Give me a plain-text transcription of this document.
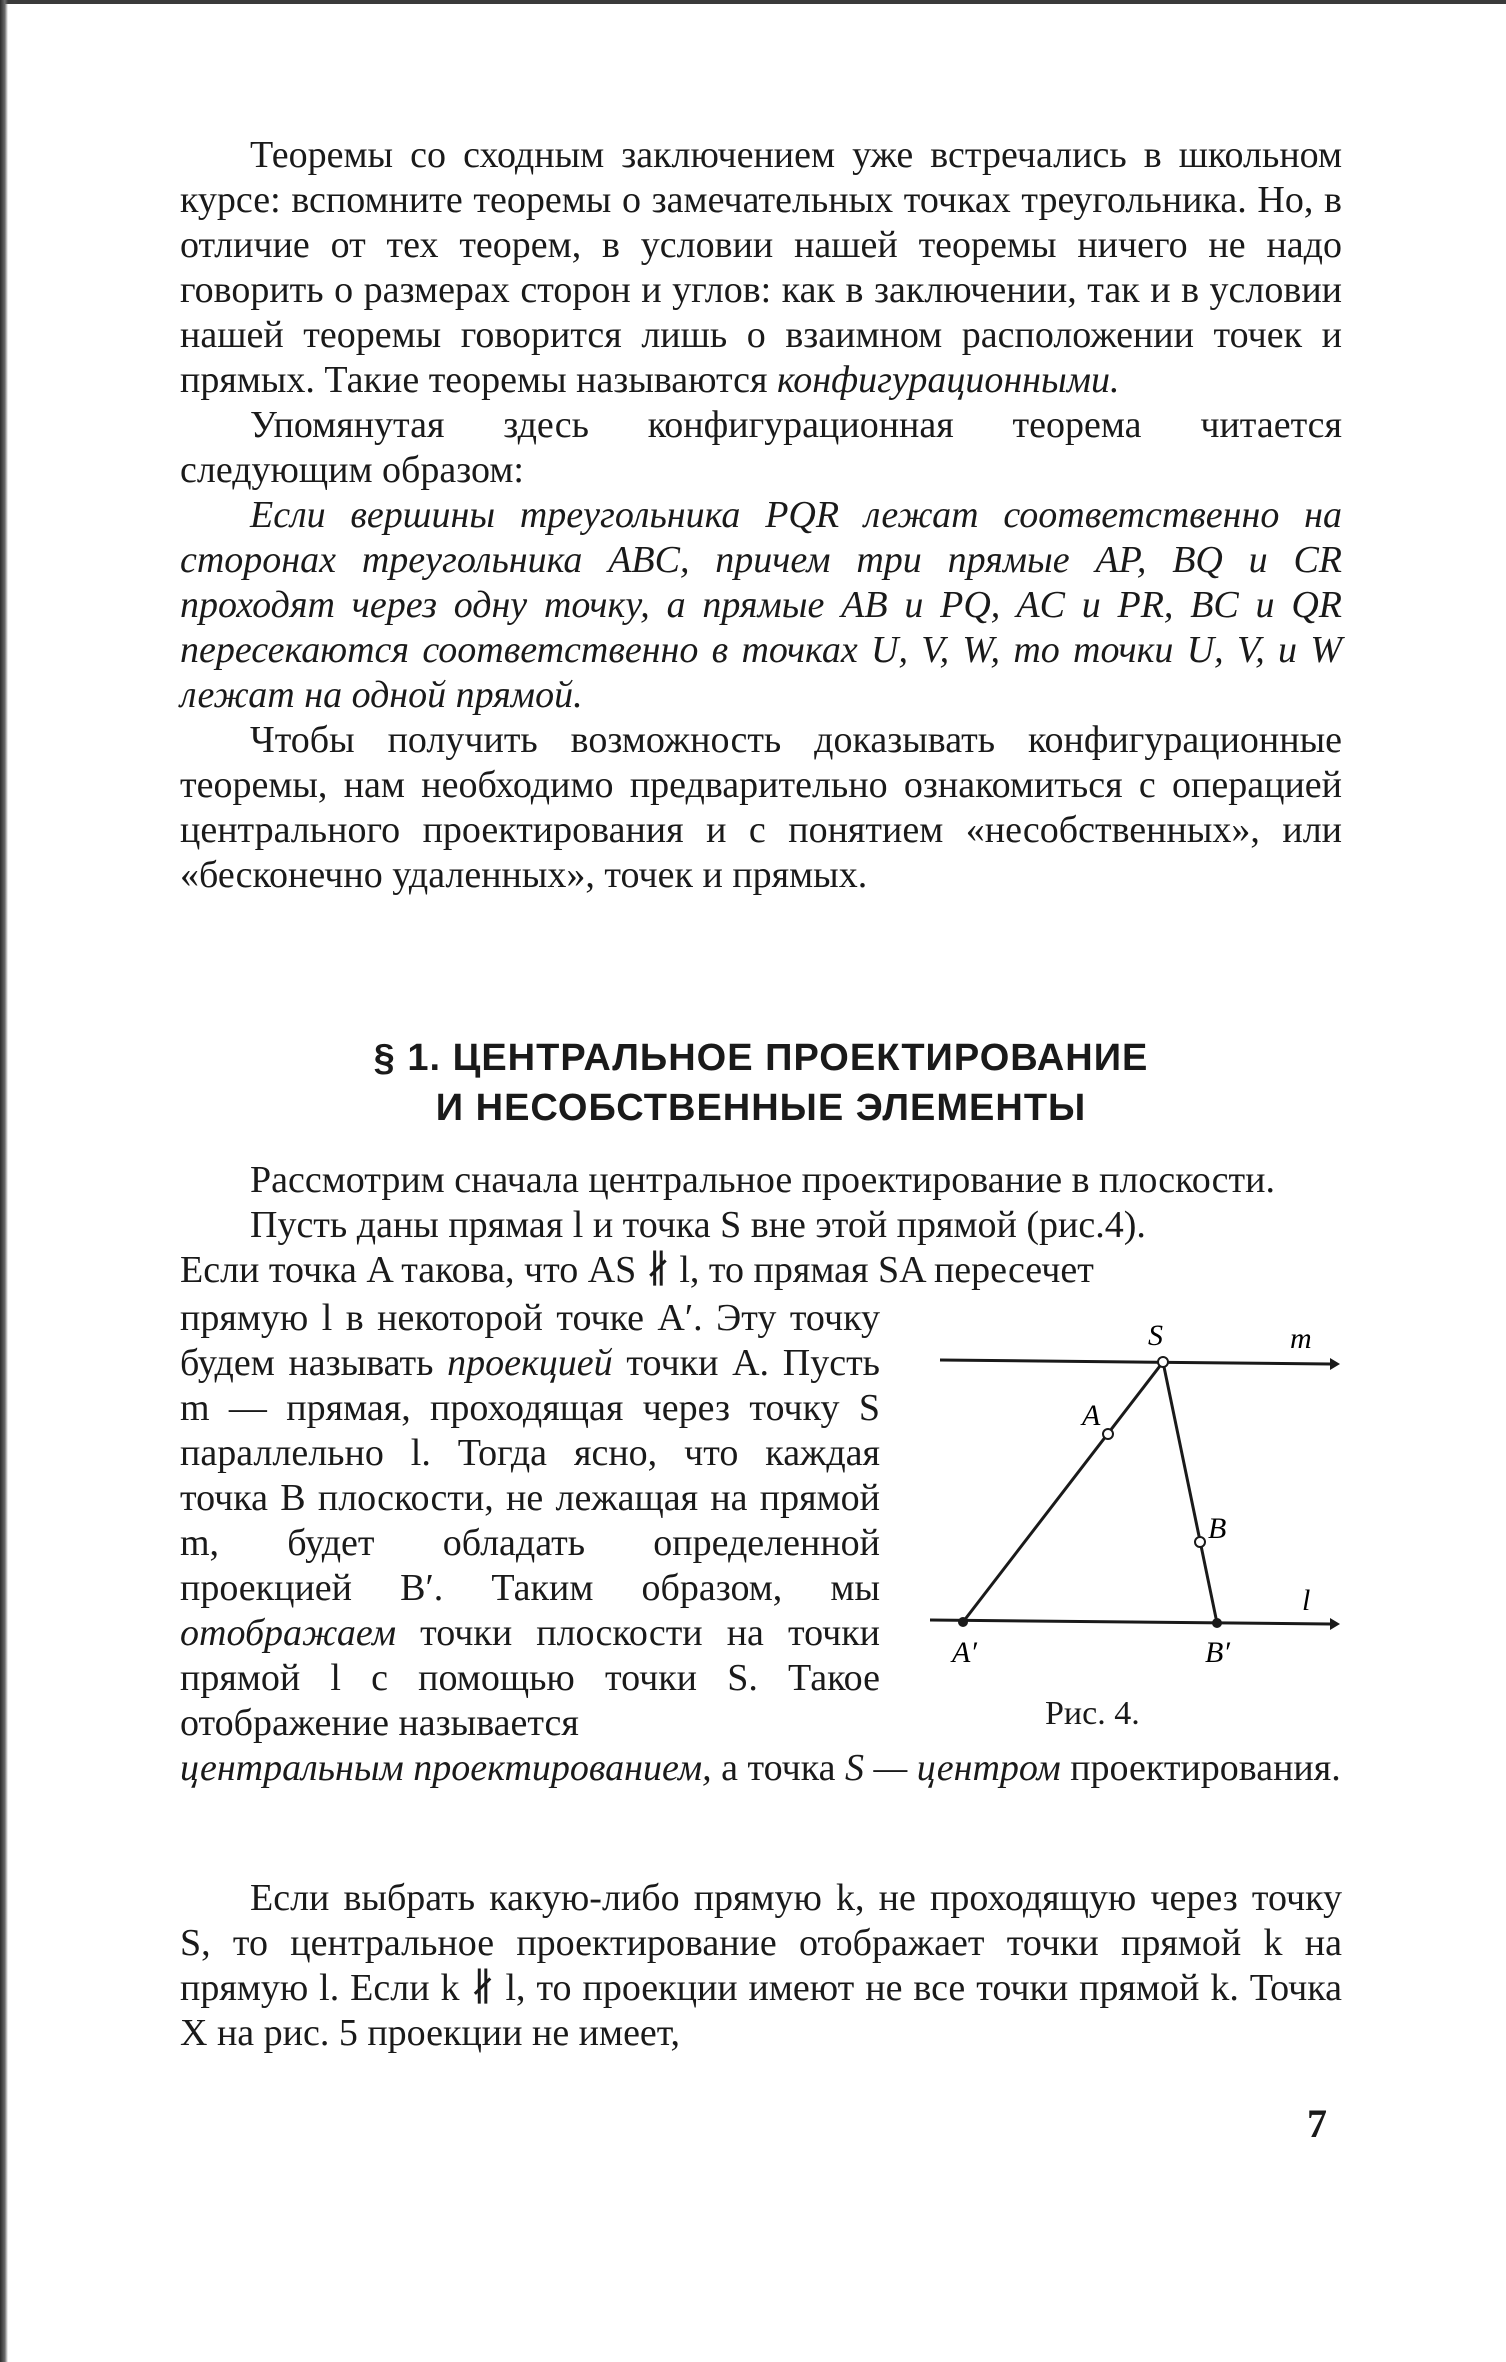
Теоремы со сходным заключением уже встречались в школьном курсе: вспомните теоремы о замечательных точках треугольника. Но, в отличие от тех теорем, в условии нашей теоремы ничего не надо говорить о размерах сторон и углов: как в заключении, так и в условии нашей теоремы говорится лишь о взаимном расположении точек и прямых. Такие теоремы называются конфигурационными.

Упомянутая здесь конфигурационная теорема читается следующим образом:

Если вершины треугольника PQR лежат соответственно на сторонах треугольника ABC, причем три прямые AP, BQ и CR проходят через одну точку, а прямые AB и PQ, AC и PR, BC и QR пересекаются соответственно в точках U, V, W, то точки U, V, и W лежат на одной прямой.

Чтобы получить возможность доказывать конфигурационные теоремы, нам необходимо предварительно ознакомиться с операцией центрального проектирования и с понятием «несобственных», или «бесконечно удаленных», точек и прямых.

§ 1. ЦЕНТРАЛЬНОЕ ПРОЕКТИРОВАНИЕ
И НЕСОБСТВЕННЫЕ ЭЛЕМЕНТЫ

Рассмотрим сначала центральное проектирование в плоскости.

Пусть даны прямая l и точка S вне этой прямой (рис.4).

Если точка A такова, что AS ∦ l, то прямая SA пересечет

прямую l в некоторой точке A′. Эту точку будем называть проекцией точки A. Пусть m — прямая, проходящая через точку S параллельно l. Тогда ясно, что каждая точка B плоскости, не лежащая на прямой m, будет обладать определенной проекцией B′. Таким образом, мы отображаем точки плоскости на точки прямой l с помощью точки S. Такое отображение называется

центральным проектированием, а точка S — центром проектирования.

Если выбрать какую-либо прямую k, не проходящую через точку S, то центральное проектирование отображает точки прямой k на прямую l. Если k ∦ l, то проекции имеют не все точки прямой k. Точка X на рис. 5 проекции не имеет,

S	m
A
B
l
A′	B′
Рис. 4.
7
